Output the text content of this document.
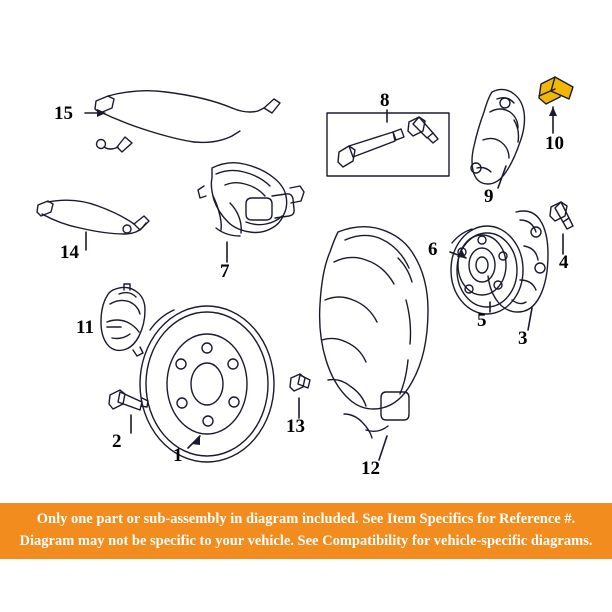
1
2
3
4
5
6
7
8
9
10
11
12
13
14
15
Only one part or sub-assembly in diagram included. See Item Specifics for Reference #.
Diagram may not be specific to your vehicle. See Compatibility for vehicle-specific diagrams.
